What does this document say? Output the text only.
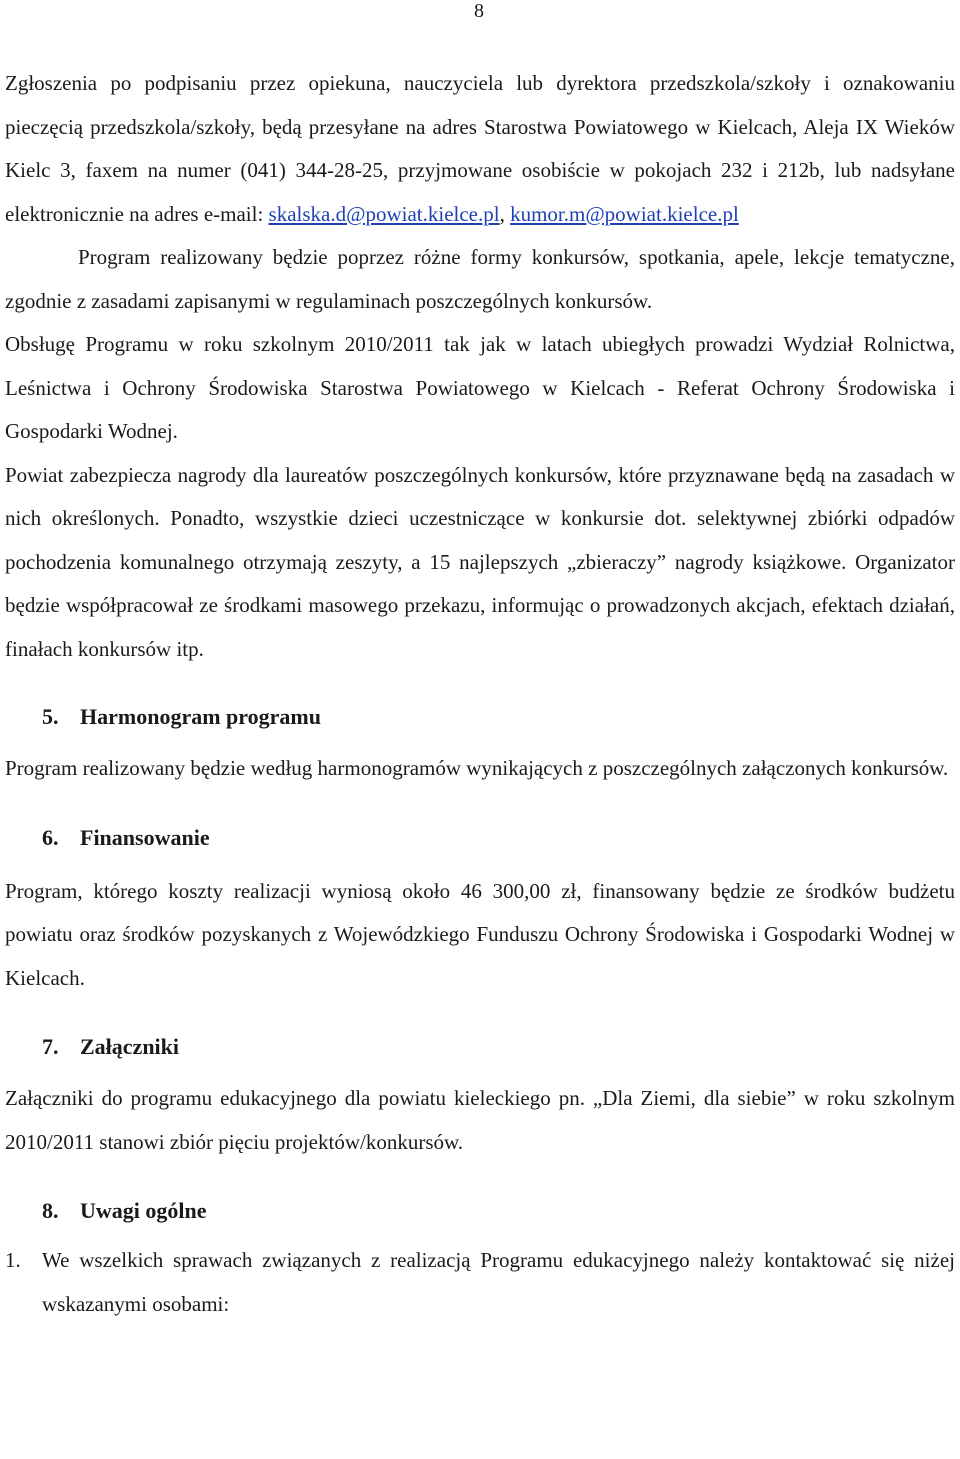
8

Zgłoszenia po podpisaniu przez opiekuna, nauczyciela lub dyrektora przedszkola/szkoły i oznakowaniu pieczęcią przedszkola/szkoły, będą przesyłane na adres Starostwa Powiatowego w Kielcach, Aleja IX Wieków Kielc 3, faxem na numer (041) 344-28-25, przyjmowane osobiście w pokojach 232 i 212b, lub nadsyłane elektronicznie na adres e-mail: skalska.d@powiat.kielce.pl, kumor.m@powiat.kielce.pl

Program realizowany będzie poprzez różne formy konkursów, spotkania, apele, lekcje tematyczne, zgodnie z zasadami zapisanymi w regulaminach poszczególnych konkursów.

Obsługę Programu w roku szkolnym 2010/2011 tak jak w latach ubiegłych prowadzi Wydział Rolnictwa, Leśnictwa i Ochrony Środowiska Starostwa Powiatowego w Kielcach - Referat Ochrony Środowiska i Gospodarki Wodnej.

Powiat zabezpiecza nagrody dla laureatów poszczególnych konkursów, które przyznawane będą na zasadach w nich określonych. Ponadto, wszystkie dzieci uczestniczące w konkursie dot. selektywnej zbiórki odpadów pochodzenia komunalnego otrzymają zeszyty, a 15 najlepszych „zbieraczy” nagrody książkowe. Organizator będzie współpracował ze środkami masowego przekazu, informując o prowadzonych akcjach, efektach działań, finałach konkursów itp.

5. Harmonogram programu

Program realizowany będzie według harmonogramów wynikających z poszczególnych załączonych konkursów.

6. Finansowanie

Program, którego koszty realizacji wyniosą około 46 300,00 zł, finansowany będzie ze środków budżetu powiatu oraz środków pozyskanych z Wojewódzkiego Funduszu Ochrony Środowiska i Gospodarki Wodnej w Kielcach.

7. Załączniki

Załączniki do programu edukacyjnego dla powiatu kieleckiego pn. „Dla Ziemi, dla siebie” w roku szkolnym 2010/2011 stanowi zbiór pięciu projektów/konkursów.

8. Uwagi ogólne
1.	We wszelkich sprawach związanych z realizacją Programu edukacyjnego należy kontaktować się niżej wskazanymi osobami:
